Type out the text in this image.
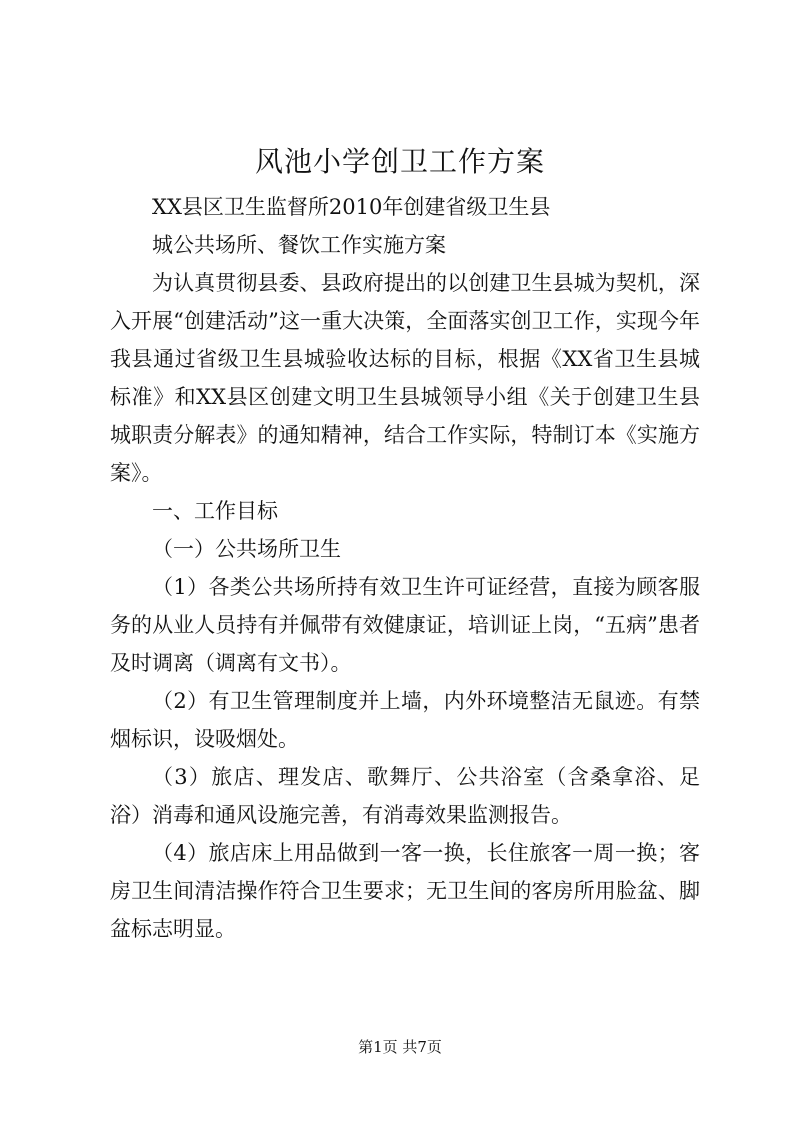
风池小学创卫工作方案

XX县区卫生监督所2010年创建省级卫生县

城公共场所、餐饮工作实施方案

为认真贯彻县委、县政府提出的以创建卫生县城为契机，深入开展“创建活动”这一重大决策，全面落实创卫工作，实现今年我县通过省级卫生县城验收达标的目标，根据《XX省卫生县城标准》和XX县区创建文明卫生县城领导小组《关于创建卫生县城职责分解表》的通知精神，结合工作实际，特制订本《实施方案》。

一、工作目标

（一）公共场所卫生

（1）各类公共场所持有效卫生许可证经营，直接为顾客服务的从业人员持有并佩带有效健康证，培训证上岗，“五病”患者及时调离（调离有文书）。

（2）有卫生管理制度并上墙，内外环境整洁无鼠迹。有禁烟标识，设吸烟处。

（3）旅店、理发店、歌舞厅、公共浴室（含桑拿浴、足浴）消毒和通风设施完善，有消毒效果监测报告。

（4）旅店床上用品做到一客一换，长住旅客一周一换；客房卫生间清洁操作符合卫生要求；无卫生间的客房所用脸盆、脚盆标志明显。

第1页 共7页
